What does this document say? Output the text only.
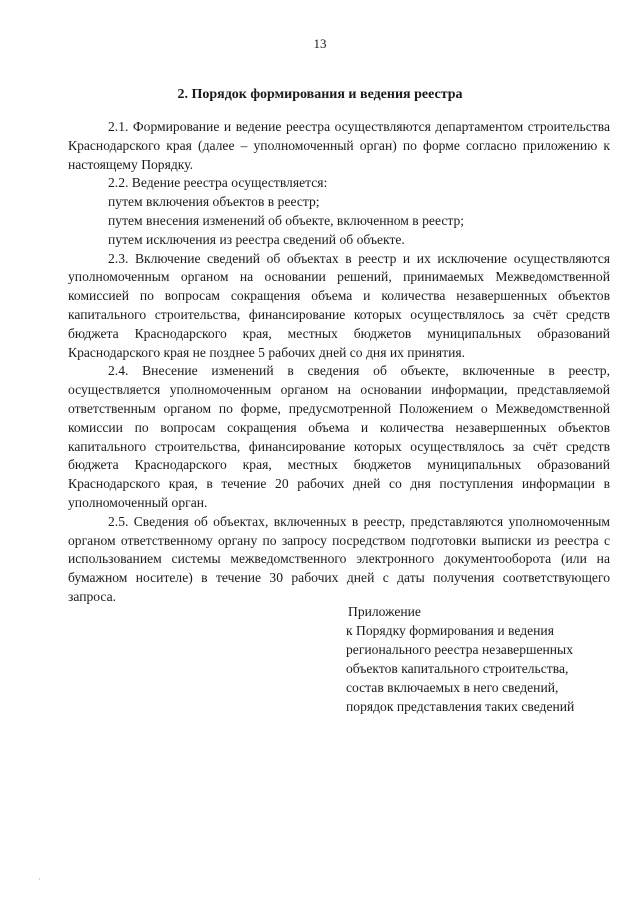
13
2. Порядок формирования и ведения реестра

2.1. Формирование и ведение реестра осуществляются департаментом строительства Краснодарского края (далее – уполномоченный орган) по форме согласно приложению к настоящему Порядку.

2.2. Ведение реестра осуществляется:

путем включения объектов в реестр;

путем внесения изменений об объекте, включенном в реестр;

путем исключения из реестра сведений об объекте.

2.3. Включение сведений об объектах в реестр и их исключение осуществляются уполномоченным органом на основании решений, принимаемых Межведомственной комиссией по вопросам сокращения объема и количества незавершенных объектов капитального строительства, финансирование которых осуществлялось за счёт средств бюджета Краснодарского края, местных бюджетов муниципальных образований Краснодарского края не позднее 5 рабочих дней со дня их принятия.

2.4. Внесение изменений в сведения об объекте, включенные в реестр, осуществляется уполномоченным органом на основании информации, представляемой ответственным органом по форме, предусмотренной Положением о Межведомственной комиссии по вопросам сокращения объема и количества незавершенных объектов капитального строительства, финансирование которых осуществлялось за счёт средств бюджета Краснодарского края, местных бюджетов муниципальных образований Краснодарского края, в течение 20 рабочих дней со дня поступления информации в уполномоченный орган.

2.5. Сведения об объектах, включенных в реестр, представляются уполномоченным органом ответственному органу по запросу посредством подготовки выписки из реестра с использованием системы межведомственного электронного документооборота (или на бумажном носителе) в течение 30 рабочих дней с даты получения соответствующего запроса.

Приложение
к Порядку формирования и ведения
регионального реестра незавершенных
объектов капитального строительства,
состав включаемых в него сведений,
порядок представления таких сведений
·
